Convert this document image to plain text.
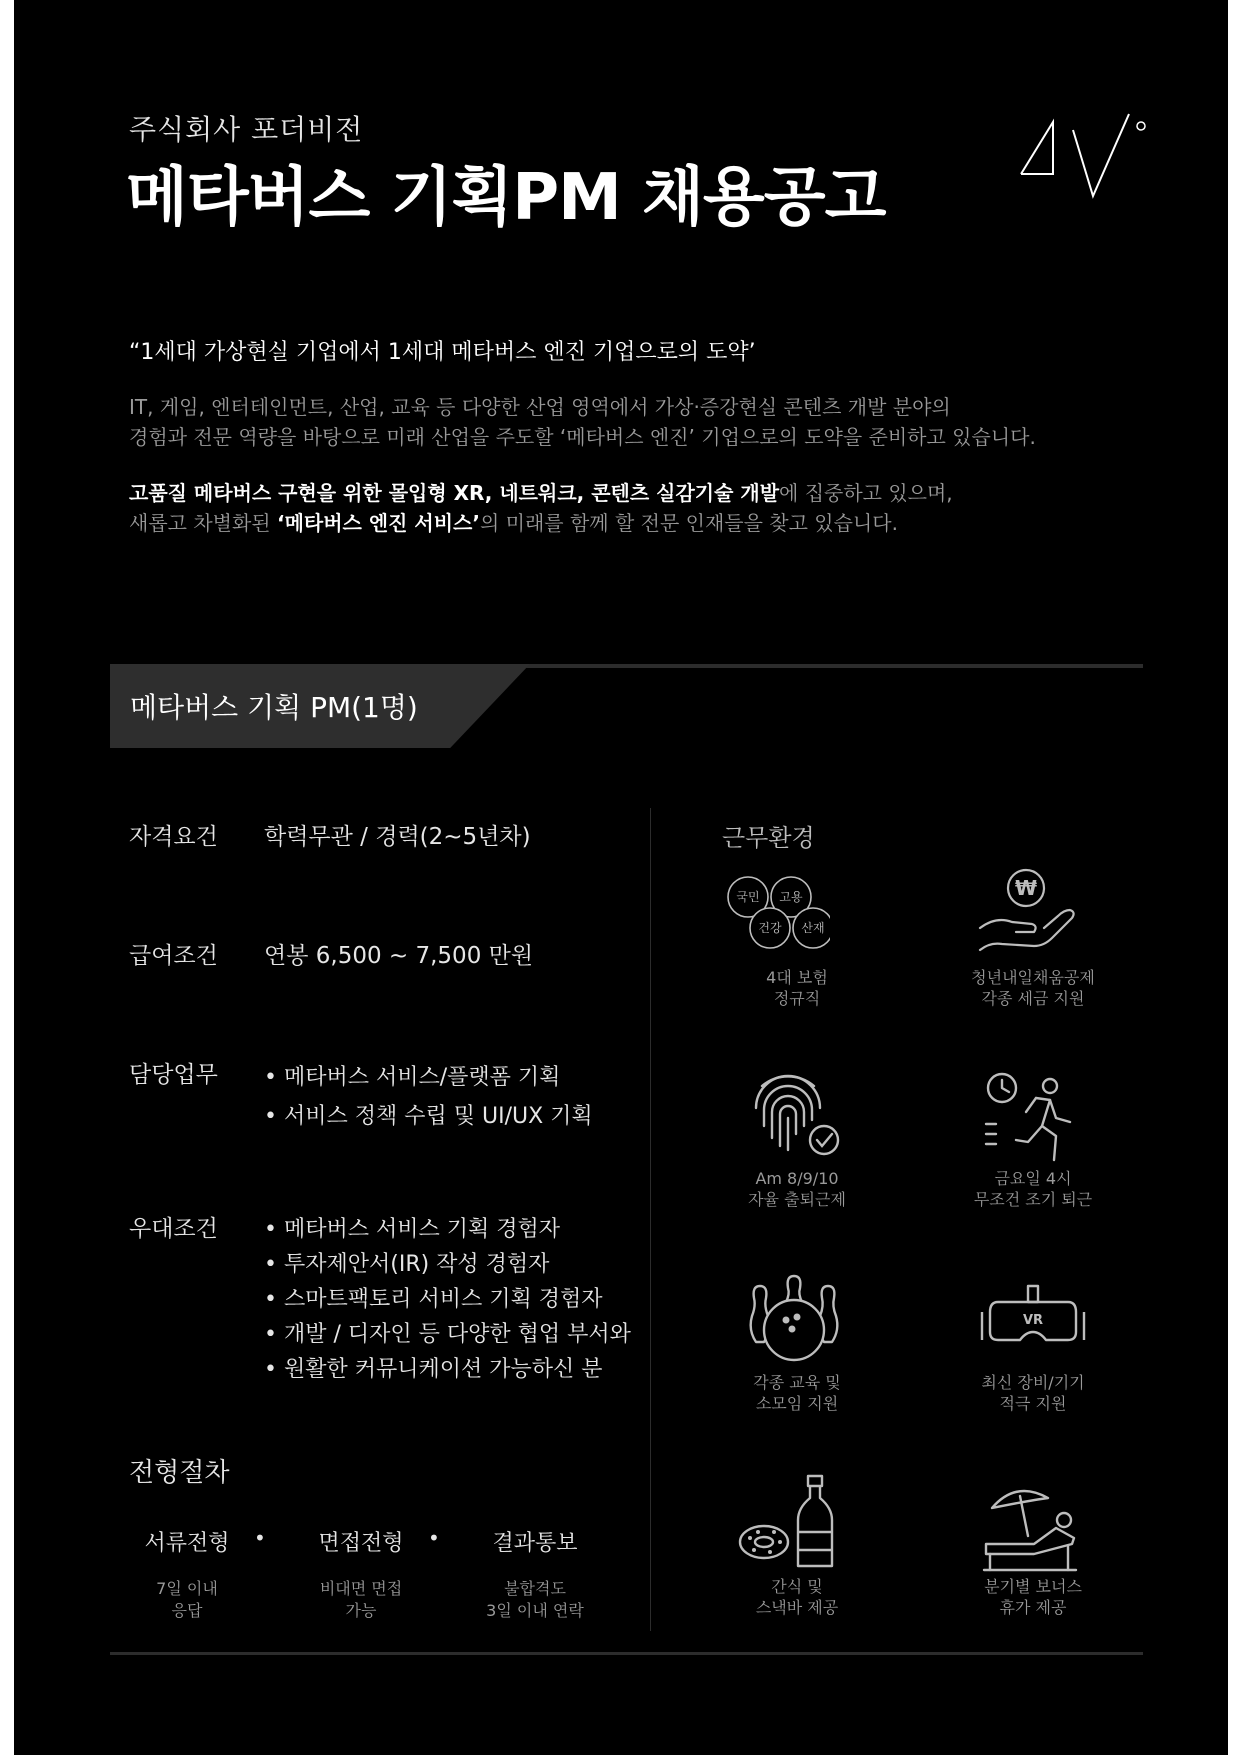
주식회사 포더비전
메타버스 기획PM 채용공고
“1세대 가상현실 기업에서 1세대 메타버스 엔진 기업으로의 도약’
IT, 게임, 엔터테인먼트, 산업, 교육 등 다양한 산업 영역에서 가상·증강현실 콘텐츠 개발 분야의
경험과 전문 역량을 바탕으로 미래 산업을 주도할 ‘메타버스 엔진’ 기업으로의 도약을 준비하고 있습니다.
고품질 메타버스 구현을 위한 몰입형 XR, 네트워크, 콘텐츠 실감기술 개발에 집중하고 있으며,
새롭고 차별화된 ‘메타버스 엔진 서비스’의 미래를 함께 할 전문 인재들을 찾고 있습니다.
메타버스 기획 PM(1명)
자격요건 학력무관 / 경력(2~5년차)
급여조건 연봉 6,500 ~ 7,500 만원
담당업무	• 메타버스 서비스/플랫폼 기획
• 서비스 정책 수립 및 UI/UX 기획
우대조건	• 메타버스 서비스 기획 경험자
• 투자제안서(IR) 작성 경험자
• 스마트팩토리 서비스 기획 경험자
• 개발 / 디자인 등 다양한 협업 부서와
• 원활한 커뮤니케이션 가능하신 분
전형절차
서류전형	•	면접전형	•	결과통보
7일 이내
응답
비대면 면접
가능
불합격도
3일 이내 연락
근무환경
국민 고용
건강 산재
4대 보험
정규직
₩
청년내일채움공제
각종 세금 지원
Am 8/9/10
자율 출퇴근제
금요일 4시
무조건 조기 퇴근
각종 교육 및
소모임 지원
VR
최신 장비/기기
적극 지원
간식 및
스낵바 제공
분기별 보너스
휴가 제공
